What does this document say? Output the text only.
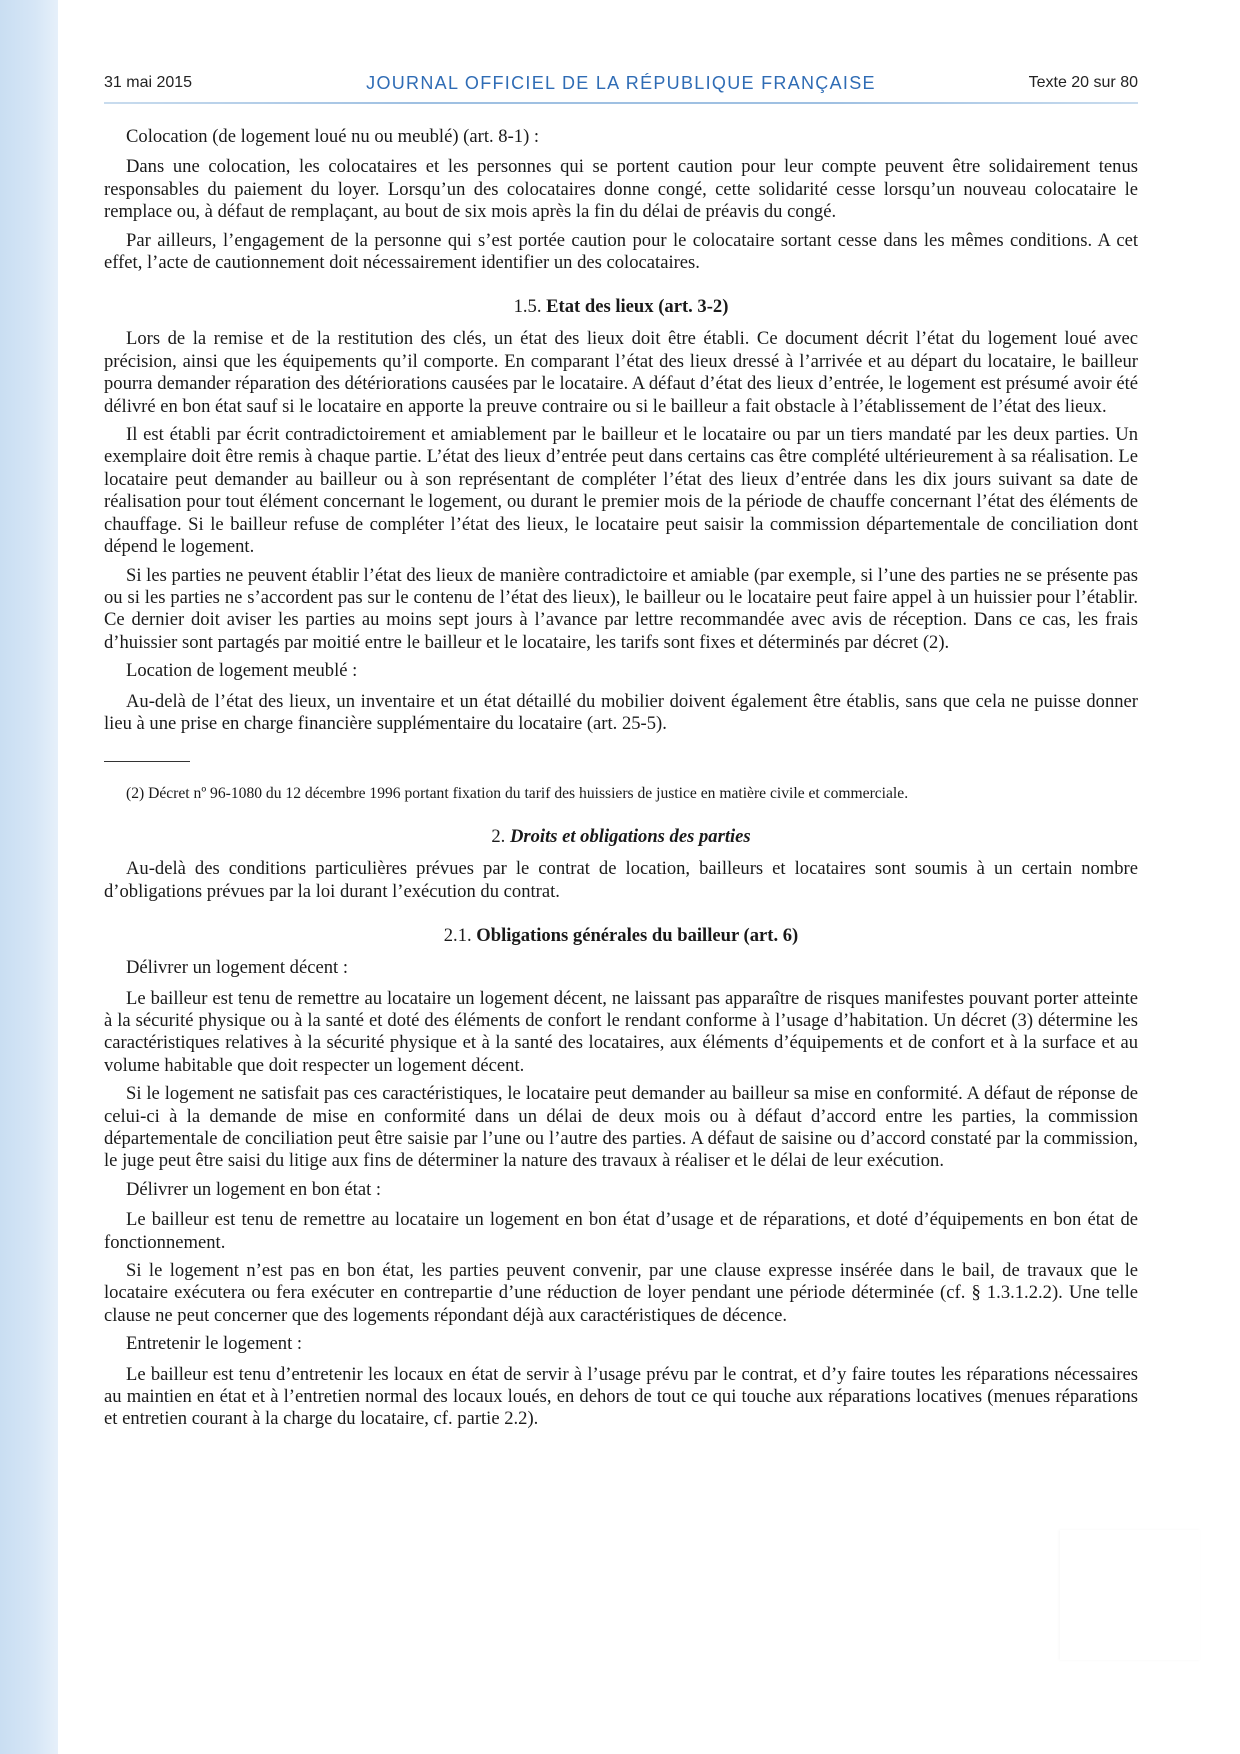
31 mai 2015	JOURNAL OFFICIEL DE LA RÉPUBLIQUE FRANÇAISE	Texte 20 sur 80

Colocation (de logement loué nu ou meublé) (art. 8-1) :

Dans une colocation, les colocataires et les personnes qui se portent caution pour leur compte peuvent être solidairement tenus responsables du paiement du loyer. Lorsqu’un des colocataires donne congé, cette solidarité cesse lorsqu’un nouveau colocataire le remplace ou, à défaut de remplaçant, au bout de six mois après la fin du délai de préavis du congé.

Par ailleurs, l’engagement de la personne qui s’est portée caution pour le colocataire sortant cesse dans les mêmes conditions. A cet effet, l’acte de cautionnement doit nécessairement identifier un des colocataires.

1.5. Etat des lieux (art. 3-2)

Lors de la remise et de la restitution des clés, un état des lieux doit être établi. Ce document décrit l’état du logement loué avec précision, ainsi que les équipements qu’il comporte. En comparant l’état des lieux dressé à l’arrivée et au départ du locataire, le bailleur pourra demander réparation des détériorations causées par le locataire. A défaut d’état des lieux d’entrée, le logement est présumé avoir été délivré en bon état sauf si le locataire en apporte la preuve contraire ou si le bailleur a fait obstacle à l’établissement de l’état des lieux.

Il est établi par écrit contradictoirement et amiablement par le bailleur et le locataire ou par un tiers mandaté par les deux parties. Un exemplaire doit être remis à chaque partie. L’état des lieux d’entrée peut dans certains cas être complété ultérieurement à sa réalisation. Le locataire peut demander au bailleur ou à son représentant de compléter l’état des lieux d’entrée dans les dix jours suivant sa date de réalisation pour tout élément concernant le logement, ou durant le premier mois de la période de chauffe concernant l’état des éléments de chauffage. Si le bailleur refuse de compléter l’état des lieux, le locataire peut saisir la commission départementale de conciliation dont dépend le logement.

Si les parties ne peuvent établir l’état des lieux de manière contradictoire et amiable (par exemple, si l’une des parties ne se présente pas ou si les parties ne s’accordent pas sur le contenu de l’état des lieux), le bailleur ou le locataire peut faire appel à un huissier pour l’établir. Ce dernier doit aviser les parties au moins sept jours à l’avance par lettre recommandée avec avis de réception. Dans ce cas, les frais d’huissier sont partagés par moitié entre le bailleur et le locataire, les tarifs sont fixes et déterminés par décret (2).

Location de logement meublé :

Au-delà de l’état des lieux, un inventaire et un état détaillé du mobilier doivent également être établis, sans que cela ne puisse donner lieu à une prise en charge financière supplémentaire du locataire (art. 25-5).

(2) Décret nº 96-1080 du 12 décembre 1996 portant fixation du tarif des huissiers de justice en matière civile et commerciale.

2. Droits et obligations des parties

Au-delà des conditions particulières prévues par le contrat de location, bailleurs et locataires sont soumis à un certain nombre d’obligations prévues par la loi durant l’exécution du contrat.

2.1. Obligations générales du bailleur (art. 6)

Délivrer un logement décent :

Le bailleur est tenu de remettre au locataire un logement décent, ne laissant pas apparaître de risques manifestes pouvant porter atteinte à la sécurité physique ou à la santé et doté des éléments de confort le rendant conforme à l’usage d’habitation. Un décret (3) détermine les caractéristiques relatives à la sécurité physique et à la santé des locataires, aux éléments d’équipements et de confort et à la surface et au volume habitable que doit respecter un logement décent.

Si le logement ne satisfait pas ces caractéristiques, le locataire peut demander au bailleur sa mise en conformité. A défaut de réponse de celui-ci à la demande de mise en conformité dans un délai de deux mois ou à défaut d’accord entre les parties, la commission départementale de conciliation peut être saisie par l’une ou l’autre des parties. A défaut de saisine ou d’accord constaté par la commission, le juge peut être saisi du litige aux fins de déterminer la nature des travaux à réaliser et le délai de leur exécution.

Délivrer un logement en bon état :

Le bailleur est tenu de remettre au locataire un logement en bon état d’usage et de réparations, et doté d’équipements en bon état de fonctionnement.

Si le logement n’est pas en bon état, les parties peuvent convenir, par une clause expresse insérée dans le bail, de travaux que le locataire exécutera ou fera exécuter en contrepartie d’une réduction de loyer pendant une période déterminée (cf. § 1.3.1.2.2). Une telle clause ne peut concerner que des logements répondant déjà aux caractéristiques de décence.

Entretenir le logement :

Le bailleur est tenu d’entretenir les locaux en état de servir à l’usage prévu par le contrat, et d’y faire toutes les réparations nécessaires au maintien en état et à l’entretien normal des locaux loués, en dehors de tout ce qui touche aux réparations locatives (menues réparations et entretien courant à la charge du locataire, cf. partie 2.2).
